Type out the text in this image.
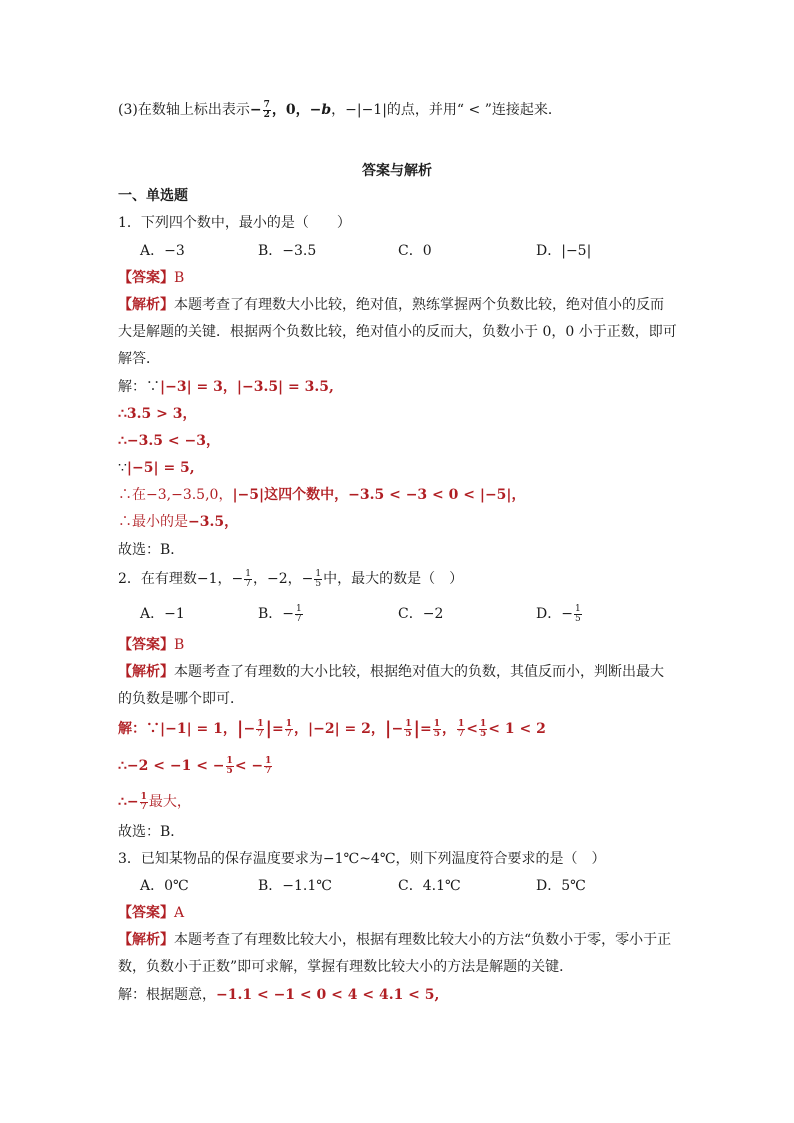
(3)在数轴上标出表示− $\frac{7}{2}$ ，0，−b，−|−1|的点，并用“ < ”连接起来．
答案与解析
一、单选题
1．下列四个数中，最小的是（　　）
A．−3	B．−3.5	C．0	D．|−5|
【答案】B
【解析】本题考查了有理数大小比较，绝对值，熟练掌握两个负数比较，绝对值小的反而
大是解题的关键．根据两个负数比较，绝对值小的反而大，负数小于 0，0 小于正数，即可
解答．
解：∵|−3| = 3，|−3.5| = 3.5,
∴3.5 > 3，
∴−3.5 < −3，
∵|−5| = 5,
∴在−3,−3.5,0，|−5|这四个数中，−3.5 < −3 < 0 < |−5|，
∴最小的是−3.5，
故选：B．
2．在有理数−1，− $\frac{1}{7}$ ，−2，− $\frac{1}{5}$ 中，最大的数是（　）
A．−1	B．− $\frac{1}{7}$	C．−2	D．− $\frac{1}{5}$
【答案】B
【解析】本题考查了有理数的大小比较，根据绝对值大的负数，其值反而小，判断出最大
的负数是哪个即可．
解：∵|−1| = 1，|− $\frac{1}{7}$ |= $\frac{1}{7}$ ，|−2| = 2，|− $\frac{1}{5}$ |= $\frac{1}{5}$ ， $\frac{1}{7} < \frac{1}{5} < 1 < 2$
∴−2 < −1 < − $\frac{1}{5}$ < − $\frac{1}{7}$
∴− $\frac{1}{7}$ 最大，
故选：B．
3．已知某物品的保存温度要求为−1℃~4℃，则下列温度符合要求的是（　）
A．0℃	B．−1.1℃	C．4.1℃	D．5℃
【答案】A
【解析】本题考查了有理数比较大小，根据有理数比较大小的方法“负数小于零，零小于正
数，负数小于正数”即可求解，掌握有理数比较大小的方法是解题的关键．
解：根据题意，−1.1 < −1 < 0 < 4 < 4.1 < 5,
